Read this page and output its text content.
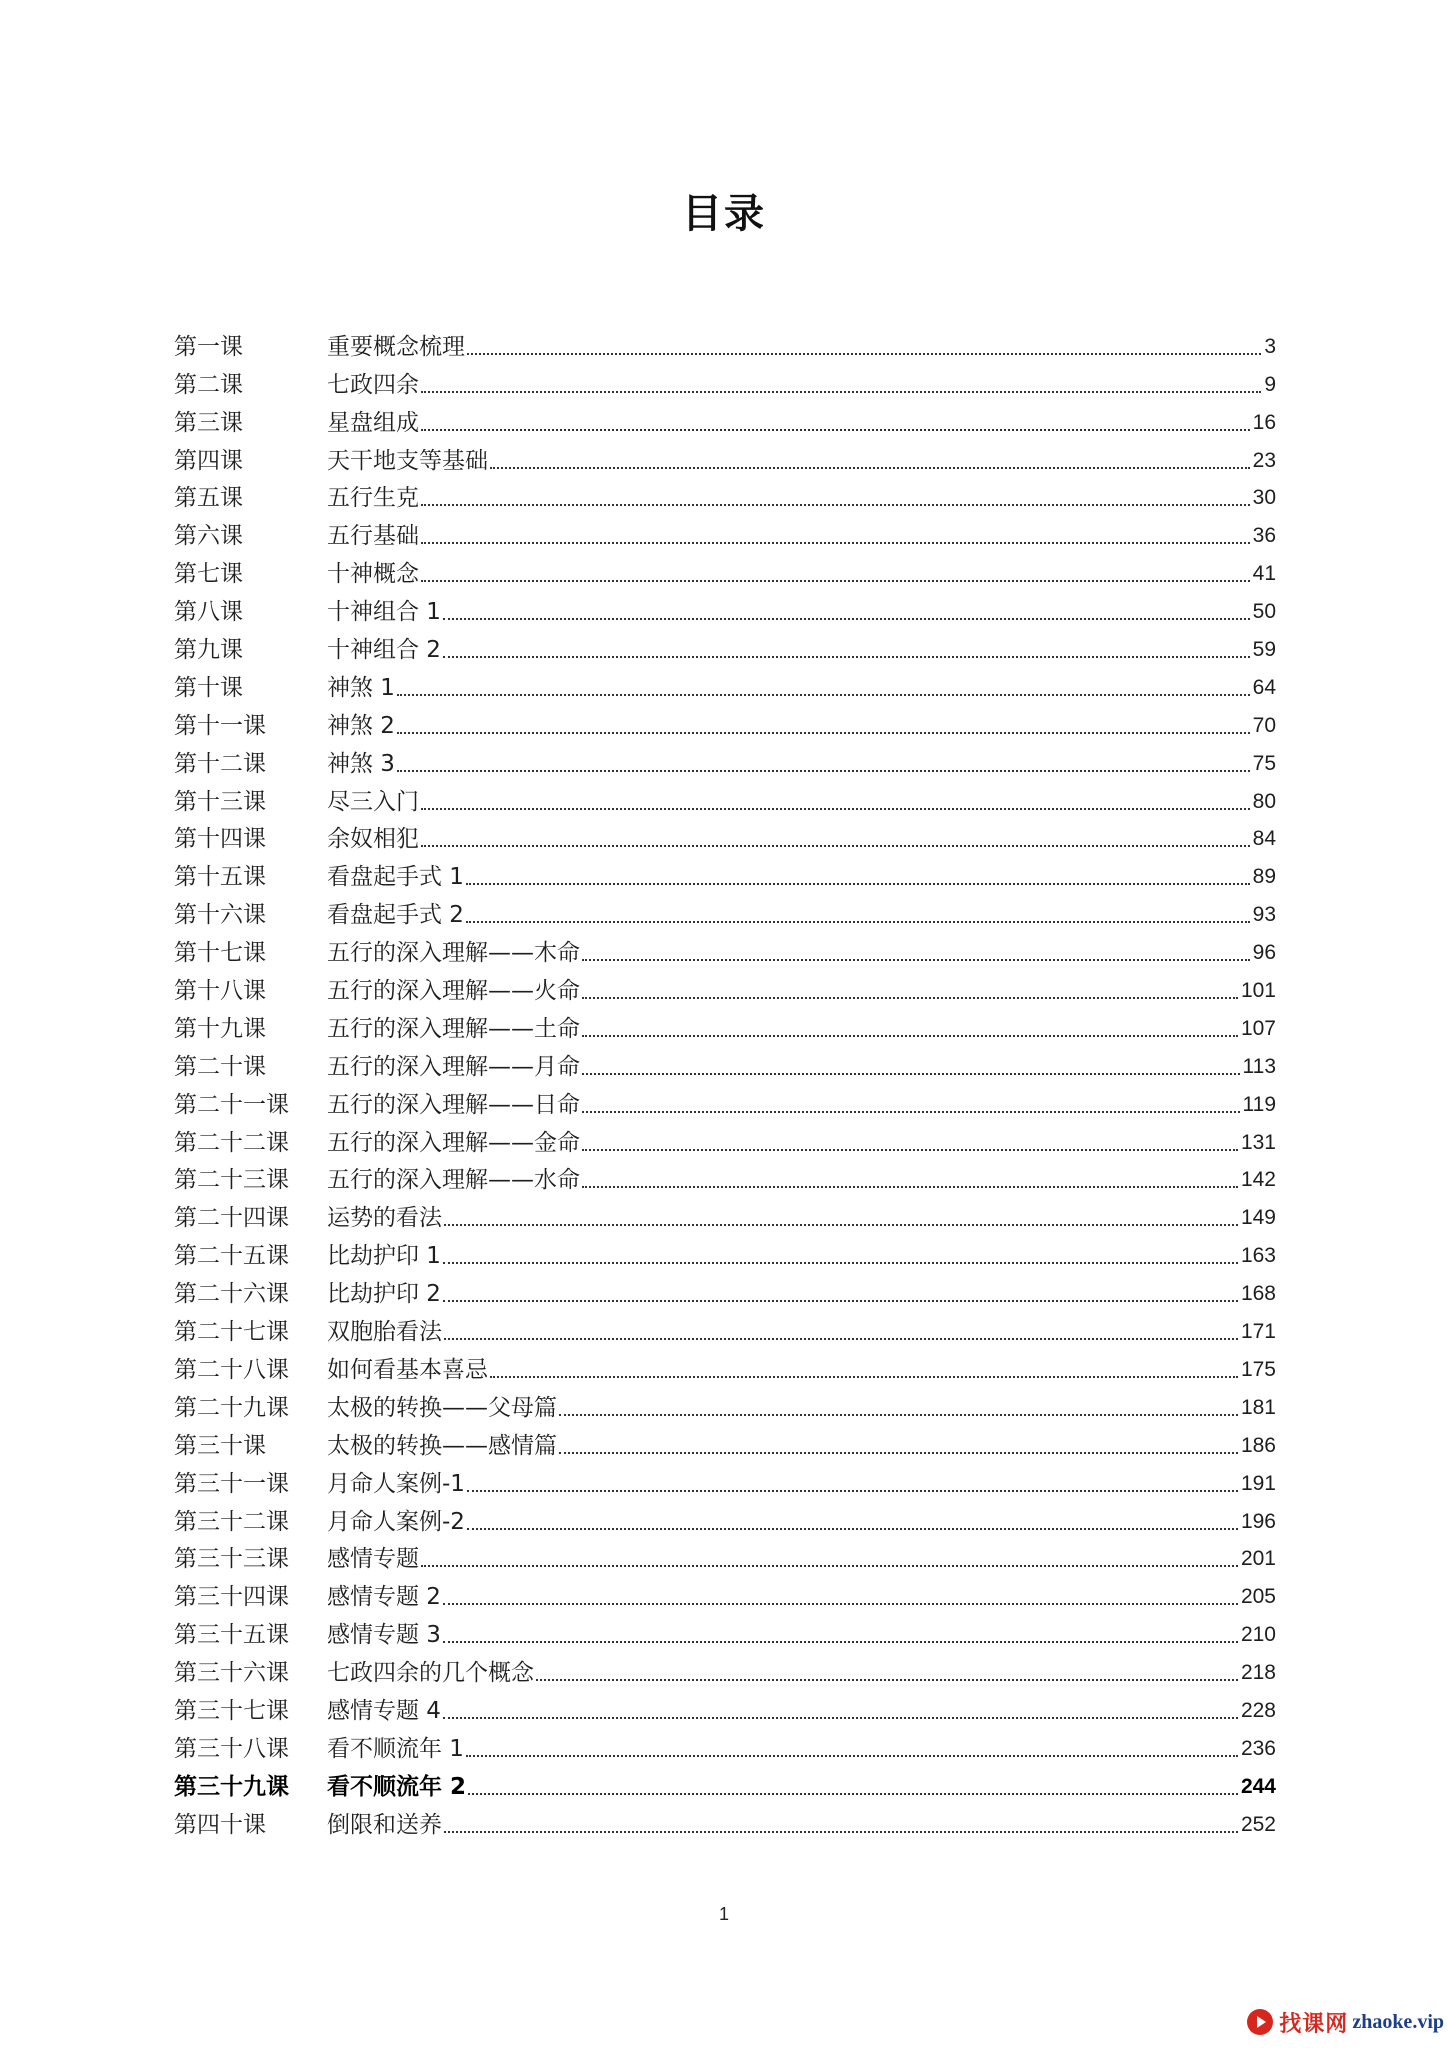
目录
第一课	重要概念梳理	3
第二课	七政四余	9
第三课	星盘组成	16
第四课	天干地支等基础	23
第五课	五行生克	30
第六课	五行基础	36
第七课	十神概念	41
第八课	十神组合 1	50
第九课	十神组合 2	59
第十课	神煞 1	64
第十一课	神煞 2	70
第十二课	神煞 3	75
第十三课	尽三入门	80
第十四课	余奴相犯	84
第十五课	看盘起手式 1	89
第十六课	看盘起手式 2	93
第十七课	五行的深入理解——木命	96
第十八课	五行的深入理解——火命	101
第十九课	五行的深入理解——土命	107
第二十课	五行的深入理解——月命	113
第二十一课	五行的深入理解——日命	119
第二十二课	五行的深入理解——金命	131
第二十三课	五行的深入理解——水命	142
第二十四课	运势的看法	149
第二十五课	比劫护印 1	163
第二十六课	比劫护印 2	168
第二十七课	双胞胎看法	171
第二十八课	如何看基本喜忌	175
第二十九课	太极的转换——父母篇	181
第三十课	太极的转换——感情篇	186
第三十一课	月命人案例-1	191
第三十二课	月命人案例-2	196
第三十三课	感情专题	201
第三十四课	感情专题 2	205
第三十五课	感情专题 3	210
第三十六课	七政四余的几个概念	218
第三十七课	感情专题 4	228
第三十八课	看不顺流年 1	236
第三十九课	看不顺流年 2	244
第四十课	倒限和送养	252
1
找课网 zhaoke.vip
